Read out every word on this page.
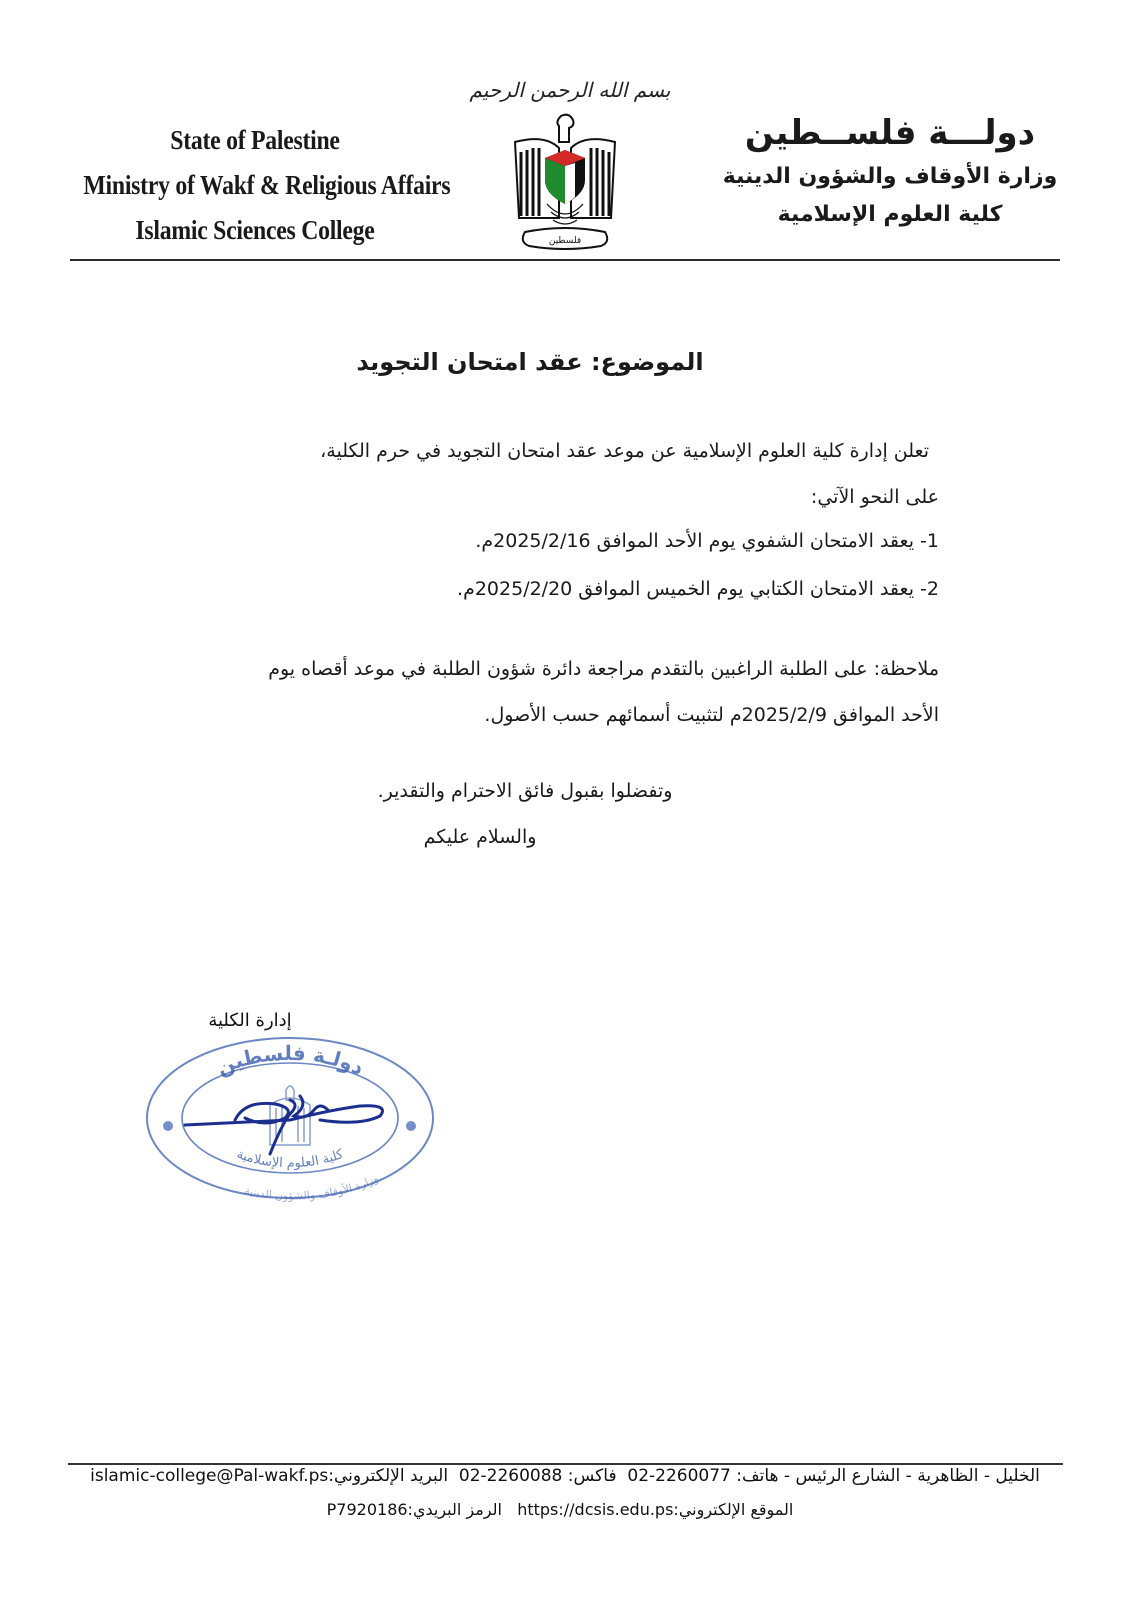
State of Palestine
Ministry of Wakf & Religious Affairs
Islamic Sciences College
بسم الله الرحمن الرحيم
فلسطين
دولـــة فلســطين
وزارة الأوقاف والشؤون الدينية
كلية العلوم الإسلامية
الموضوع: عقد امتحان التجويد
تعلن إدارة كلية العلوم الإسلامية عن موعد عقد امتحان التجويد في حرم الكلية،
على النحو الآتي:
1- يعقد الامتحان الشفوي يوم الأحد الموافق 2025/2/16م.
2- يعقد الامتحان الكتابي يوم الخميس الموافق 2025/2/20م.
ملاحظة: على الطلبة الراغبين بالتقدم مراجعة دائرة شؤون الطلبة في موعد أقصاه يوم
الأحد الموافق 2025/2/9م لتثبيت أسمائهم حسب الأصول.
وتفضلوا بقبول فائق الاحترام والتقدير.
والسلام عليكم
إدارة الكلية
دولـة فلسطين
كلية العلوم الإسلامية
وزارة الأوقاف والشؤون الدينية
الخليل - الظاهرية - الشارع الرئيس - هاتف: 02-2260077  فاكس: 02-2260088  البريد الإلكتروني:islamic-college@Pal-wakf.ps
الموقع الإلكتروني:https://dcsis.edu.ps   الرمز البريدي:P7920186
